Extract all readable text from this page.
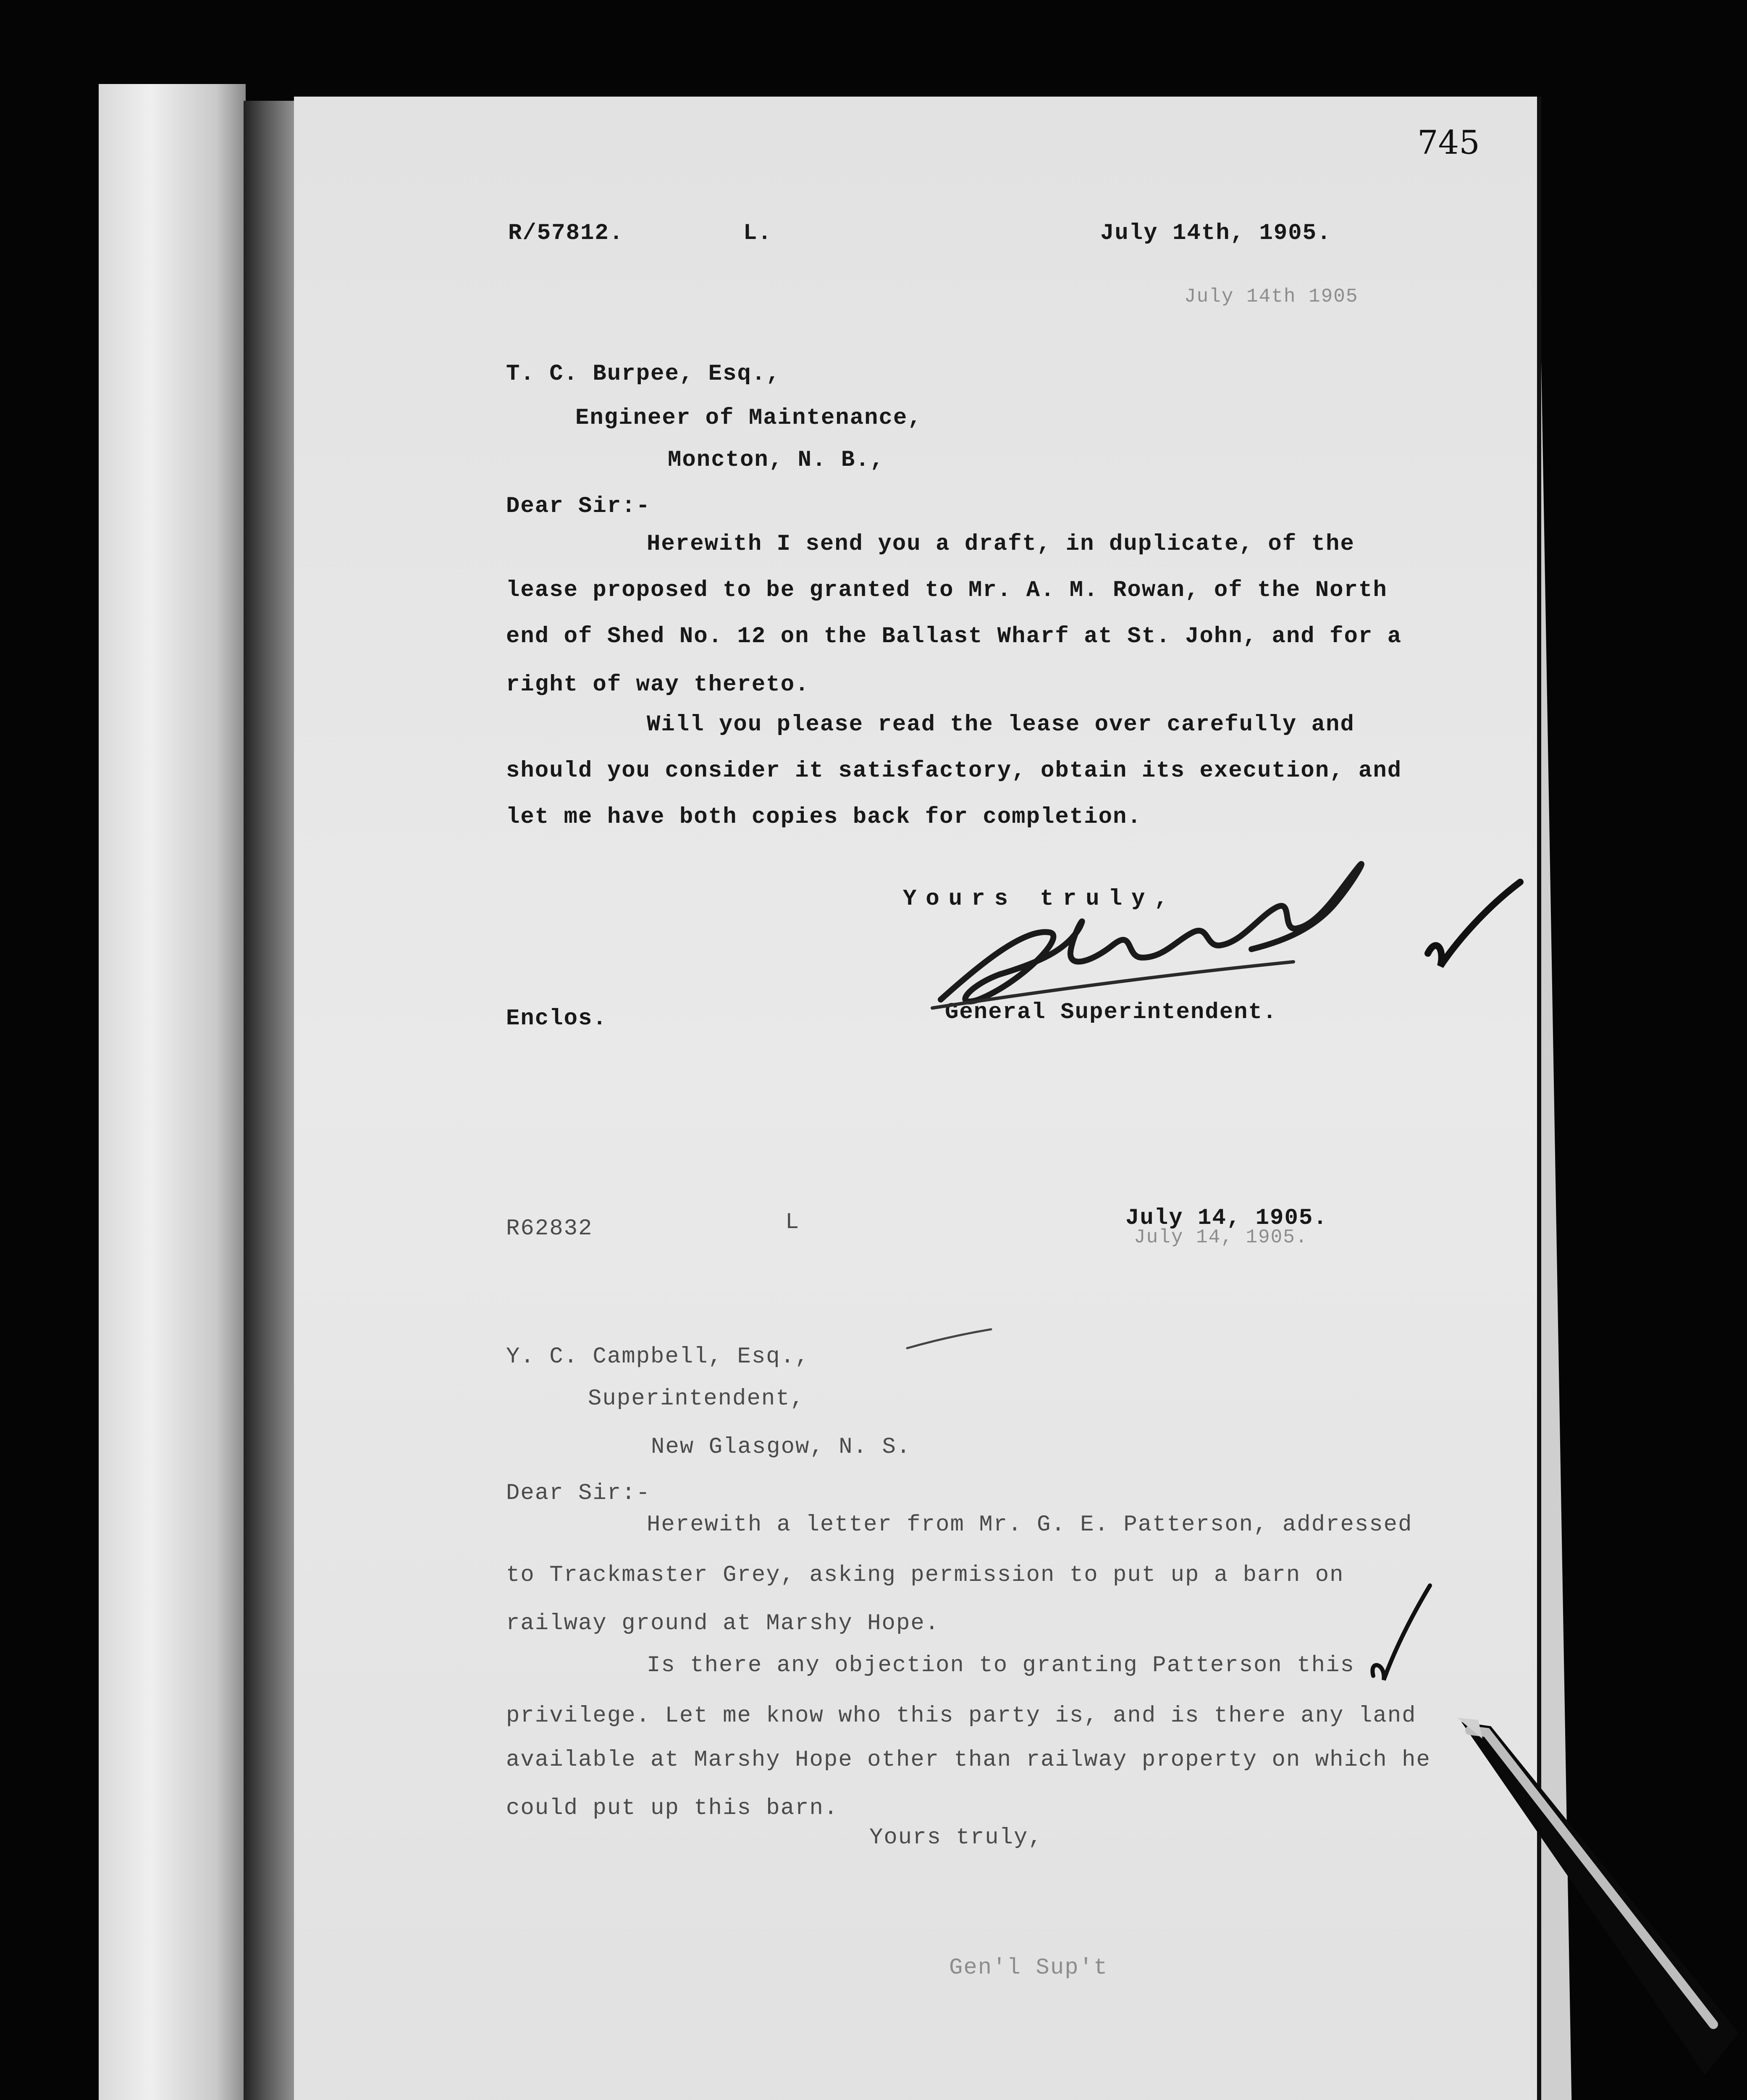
745
R/57812.	L.	July 14th, 1905.
July 14th 1905
T. C. Burpee, Esq.,
Engineer of Maintenance,
Moncton, N. B.,
Dear Sir:-
Herewith I send you a draft, in duplicate, of the
lease proposed to be granted to Mr. A. M. Rowan, of the North
end of Shed No. 12 on the Ballast Wharf at St. John, and for a
right of way thereto.
Will you please read the lease over carefully and
should you consider it satisfactory, obtain its execution, and
let me have both copies back for completion.
Yours truly,
Enclos.	General Superintendent.
R62832	L	July 14, 1905.
July 14, 1905.
Y. C. Campbell, Esq.,
Superintendent,
New Glasgow, N. S.
Dear Sir:-
Herewith a letter from Mr. G. E. Patterson, addressed
to Trackmaster Grey, asking permission to put up a barn on
railway ground at Marshy Hope.
Is there any objection to granting Patterson this
privilege. Let me know who this party is, and is there any land
available at Marshy Hope other than railway property on which he
could put up this barn.
Yours truly,
Gen'l Sup't
